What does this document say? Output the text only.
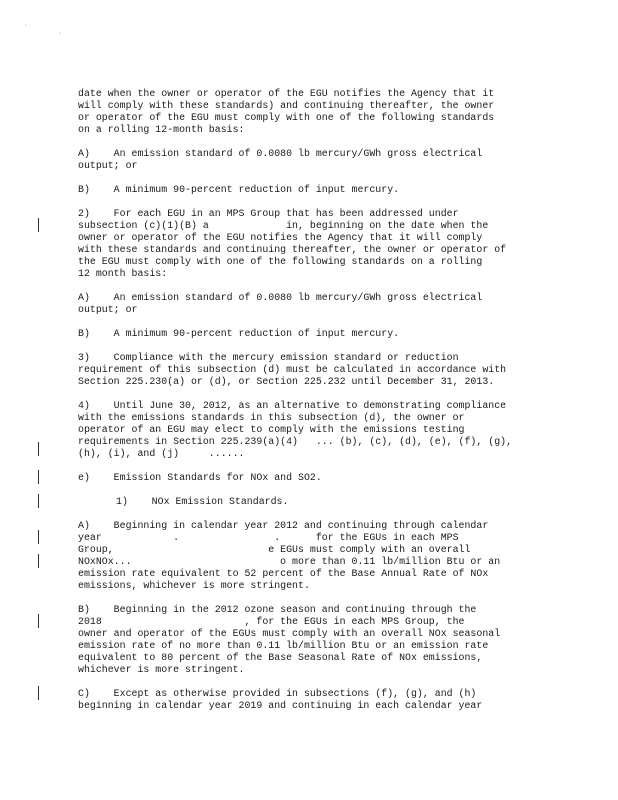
·
·
date when the owner or operator of the EGU notifies the Agency that it
will comply with these standards) and continuing thereafter, the owner
or operator of the EGU must comply with one of the following standards
on a rolling 12-month basis:
A)    An emission standard of 0.0080 lb mercury/GWh gross electrical
output; or
B)    A minimum 90-percent reduction of input mercury.
2)    For each EGU in an MPS Group that has been addressed under
subsection (c)(1)(B) a             in, beginning on the date when the
owner or operator of the EGU notifies the Agency that it will comply
with these standards and continuing thereafter, the owner or operator of
the EGU must comply with one of the following standards on a rolling
12 month basis:
A)    An emission standard of 0.0080 lb mercury/GWh gross electrical
output; or
B)    A minimum 90-percent reduction of input mercury.
3)    Compliance with the mercury emission standard or reduction
requirement of this subsection (d) must be calculated in accordance with
Section 225.230(a) or (d), or Section 225.232 until December 31, 2013.
4)    Until June 30, 2012, as an alternative to demonstrating compliance
with the emissions standards in this subsection (d), the owner or
operator of an EGU may elect to comply with the emissions testing
requirements in Section 225.239(a)(4)   ... (b), (c), (d), (e), (f), (g),
(h), (i), and (j)     ......
e)    Emission Standards for NOx and SO2.
1)    NOx Emission Standards.
A)    Beginning in calendar year 2012 and continuing through calendar
year            .                .      for the EGUs in each MPS
Group,                          e EGUs must comply with an overall
NOxNOx...                         o more than 0.11 lb/million Btu or an
emission rate equivalent to 52 percent of the Base Annual Rate of NOx
emissions, whichever is more stringent.
B)    Beginning in the 2012 ozone season and continuing through the
2018                        , for the EGUs in each MPS Group, the
owner and operator of the EGUs must comply with an overall NOx seasonal
emission rate of no more than 0.11 lb/million Btu or an emission rate
equivalent to 80 percent of the Base Seasonal Rate of NOx emissions,
whichever is more stringent.
C)    Except as otherwise provided in subsections (f), (g), and (h)
beginning in calendar year 2019 and continuing in each calendar year
